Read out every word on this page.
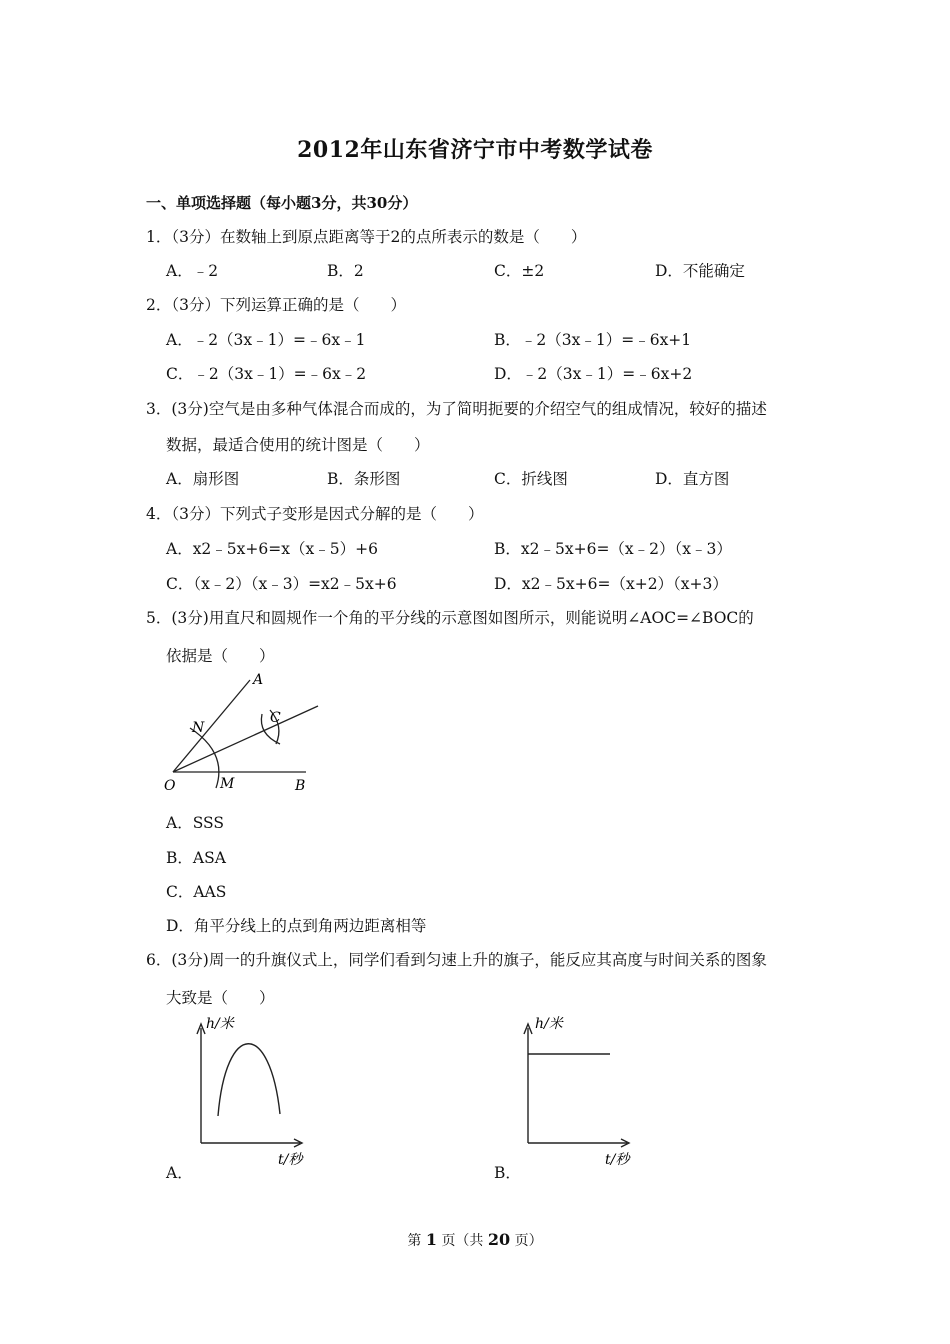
2012年山东省济宁市中考数学试卷
一、单项选择题（每小题3分，共30分）
1．（3分）在数轴上到原点距离等于2的点所表示的数是（　　）
A．﹣2	B．2	C．±2	D．不能确定
2．（3分）下列运算正确的是（　　）
A．﹣2（3x﹣1）=﹣6x﹣1	B．﹣2（3x﹣1）=﹣6x+1
C．﹣2（3x﹣1）=﹣6x﹣2	D．﹣2（3x﹣1）=﹣6x+2
3．(3分)空气是由多种气体混合而成的，为了简明扼要的介绍空气的组成情况，较好的描述
数据，最适合使用的统计图是（　　）
A．扇形图	B．条形图	C．折线图	D．直方图
4．（3分）下列式子变形是因式分解的是（　　）
A．x2﹣5x+6=x（x﹣5）+6	B．x2﹣5x+6=（x﹣2）（x﹣3）
C．（x﹣2）（x﹣3）=x2﹣5x+6	D．x2﹣5x+6=（x+2）（x+3）
5．(3分)用直尺和圆规作一个角的平分线的示意图如图所示，则能说明∠AOC=∠BOC的
依据是（　　）
A
C
N
O	M	B
A．SSS
B．ASA
C．AAS
D．角平分线上的点到角两边距离相等
6．(3分)周一的升旗仪式上，同学们看到匀速上升的旗子，能反应其高度与时间关系的图象
大致是（　　）
h/米
t/秒
h/米
t/秒
A．	B．
第 1 页（共 20 页）
